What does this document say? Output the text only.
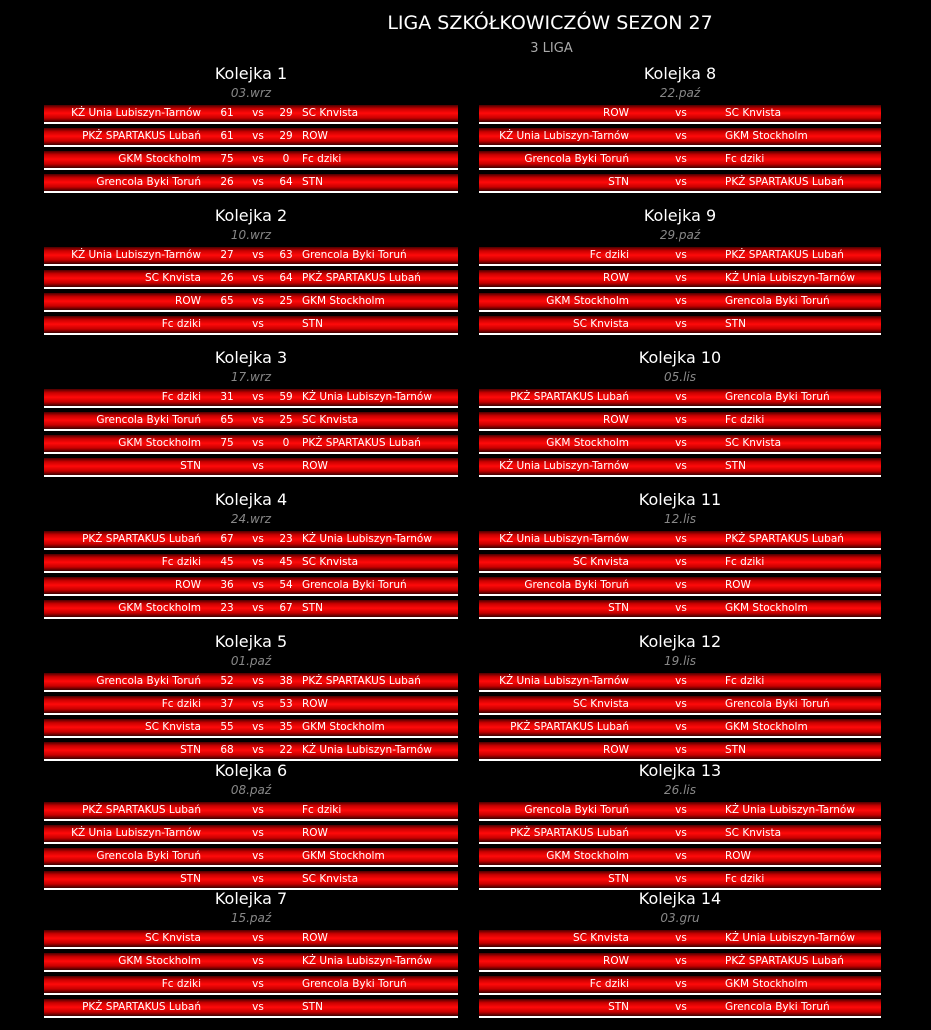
LIGA SZKÓŁKOWICZÓW SEZON 27
3 LIGA
Kolejka 1
03.wrz
KŻ Unia Lubiszyn-Tarnów	61	vs	29 SC Knvista
PKŻ SPARTAKUS Lubań	61	vs	29 ROW
GKM Stockholm	75	vs	0	Fc dziki
Grencola Byki Toruń	26	vs	64 STN
Kolejka 2
10.wrz
KŻ Unia Lubiszyn-Tarnów	27	vs	63 Grencola Byki Toruń
SC Knvista	26	vs	64 PKŻ SPARTAKUS Lubań
ROW	65	vs	25 GKM Stockholm
Fc dziki	vs	STN
Kolejka 3
17.wrz
Fc dziki	31	vs	59 KŻ Unia Lubiszyn-Tarnów
Grencola Byki Toruń	65	vs	25 SC Knvista
GKM Stockholm	75	vs	0	PKŻ SPARTAKUS Lubań
STN	vs	ROW
Kolejka 4
24.wrz
PKŻ SPARTAKUS Lubań	67	vs	23 KŻ Unia Lubiszyn-Tarnów
Fc dziki	45	vs	45 SC Knvista
ROW	36	vs	54 Grencola Byki Toruń
GKM Stockholm	23	vs	67 STN
Kolejka 5
01.paź
Grencola Byki Toruń	52	vs	38 PKŻ SPARTAKUS Lubań
Fc dziki	37	vs	53 ROW
SC Knvista	55	vs	35 GKM Stockholm
STN	68	vs	22 KŻ Unia Lubiszyn-Tarnów
Kolejka 6
08.paź
PKŻ SPARTAKUS Lubań	vs	Fc dziki
KŻ Unia Lubiszyn-Tarnów	vs	ROW
Grencola Byki Toruń	vs	GKM Stockholm
STN	vs	SC Knvista
Kolejka 7
15.paź
SC Knvista	vs	ROW
GKM Stockholm	vs	KŻ Unia Lubiszyn-Tarnów
Fc dziki	vs	Grencola Byki Toruń
PKŻ SPARTAKUS Lubań	vs	STN
Kolejka 8
22.paź
ROW	vs	SC Knvista
KŻ Unia Lubiszyn-Tarnów	vs	GKM Stockholm
Grencola Byki Toruń	vs	Fc dziki
STN	vs	PKŻ SPARTAKUS Lubań
Kolejka 9
29.paź
Fc dziki	vs	PKŻ SPARTAKUS Lubań
ROW	vs	KŻ Unia Lubiszyn-Tarnów
GKM Stockholm	vs	Grencola Byki Toruń
SC Knvista	vs	STN
Kolejka 10
05.lis
PKŻ SPARTAKUS Lubań	vs	Grencola Byki Toruń
ROW	vs	Fc dziki
GKM Stockholm	vs	SC Knvista
KŻ Unia Lubiszyn-Tarnów	vs	STN
Kolejka 11
12.lis
KŻ Unia Lubiszyn-Tarnów	vs	PKŻ SPARTAKUS Lubań
SC Knvista	vs	Fc dziki
Grencola Byki Toruń	vs	ROW
STN	vs	GKM Stockholm
Kolejka 12
19.lis
KŻ Unia Lubiszyn-Tarnów	vs	Fc dziki
SC Knvista	vs	Grencola Byki Toruń
PKŻ SPARTAKUS Lubań	vs	GKM Stockholm
ROW	vs	STN
Kolejka 13
26.lis
Grencola Byki Toruń	vs	KŻ Unia Lubiszyn-Tarnów
PKŻ SPARTAKUS Lubań	vs	SC Knvista
GKM Stockholm	vs	ROW
STN	vs	Fc dziki
Kolejka 14
03.gru
SC Knvista	vs	KŻ Unia Lubiszyn-Tarnów
ROW	vs	PKŻ SPARTAKUS Lubań
Fc dziki	vs	GKM Stockholm
STN	vs	Grencola Byki Toruń
